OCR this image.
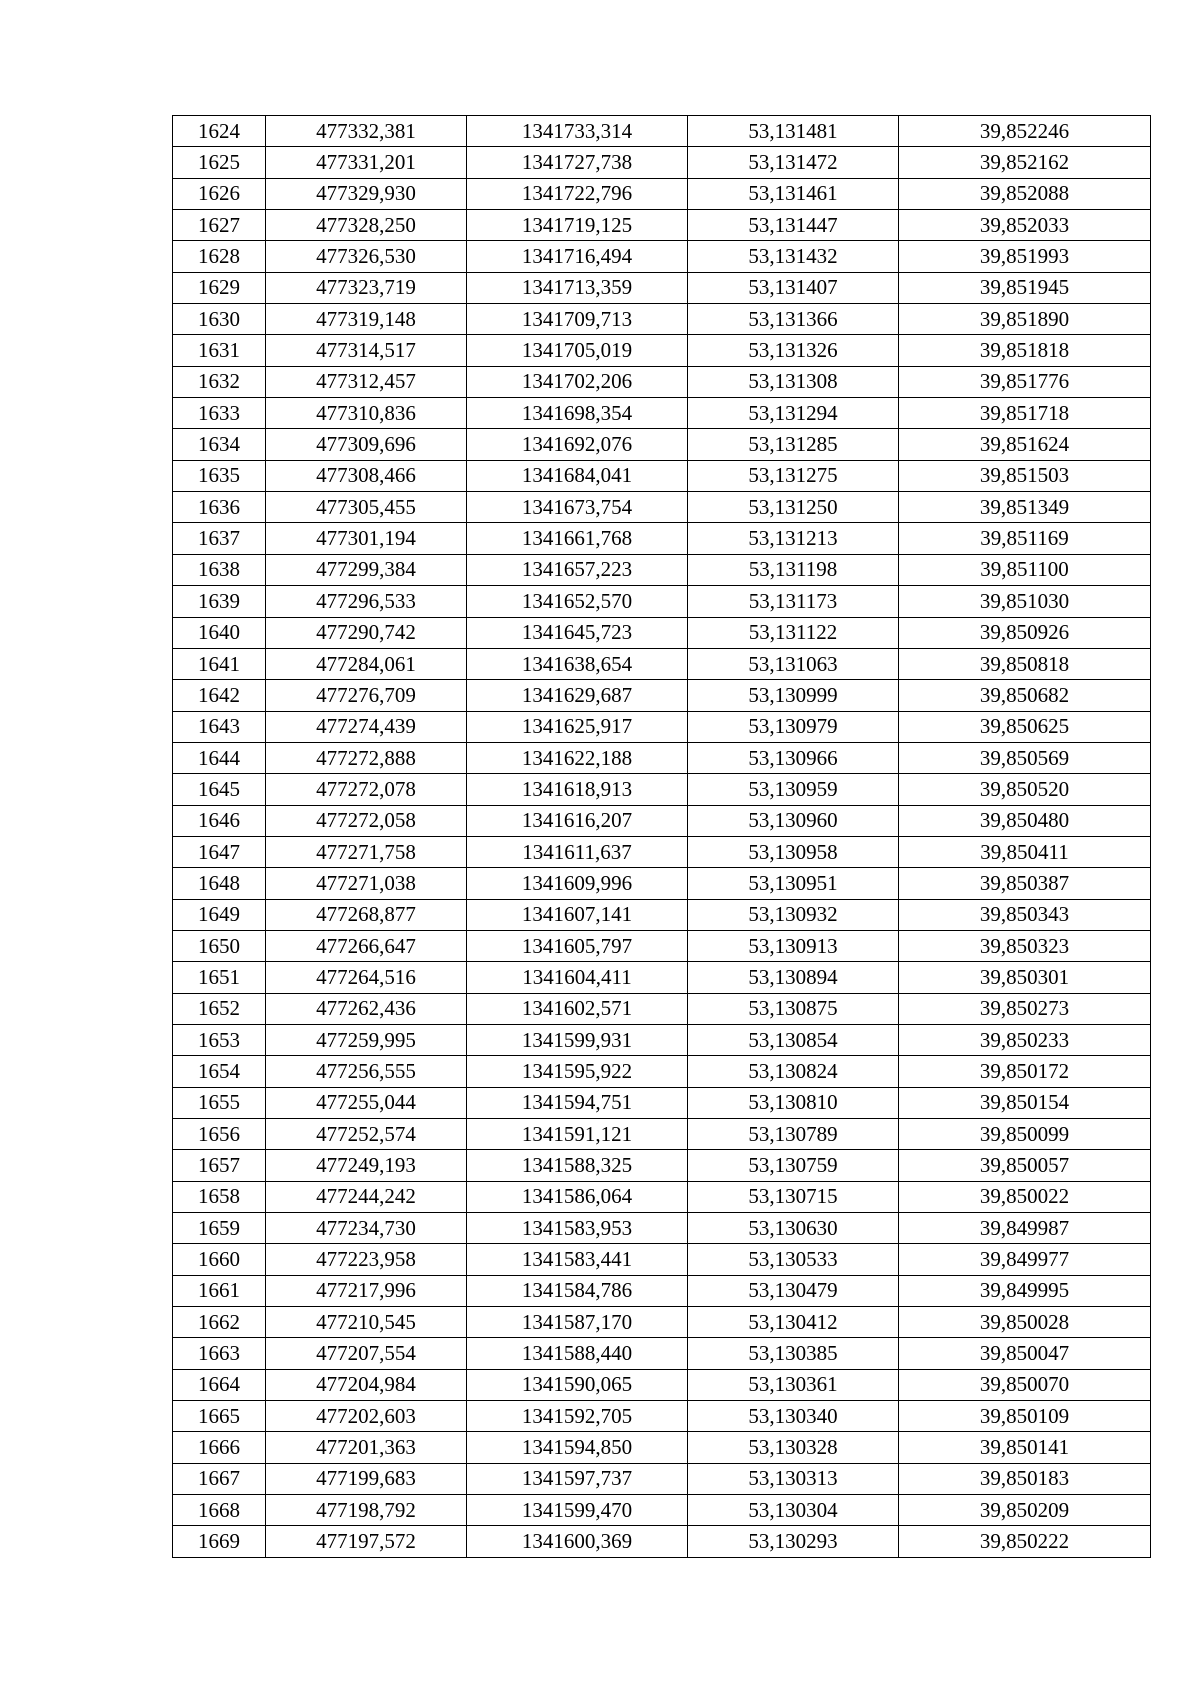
1624	477332,381	1341733,314	53,131481	39,852246
1625	477331,201	1341727,738	53,131472	39,852162
1626	477329,930	1341722,796	53,131461	39,852088
1627	477328,250	1341719,125	53,131447	39,852033
1628	477326,530	1341716,494	53,131432	39,851993
1629	477323,719	1341713,359	53,131407	39,851945
1630	477319,148	1341709,713	53,131366	39,851890
1631	477314,517	1341705,019	53,131326	39,851818
1632	477312,457	1341702,206	53,131308	39,851776
1633	477310,836	1341698,354	53,131294	39,851718
1634	477309,696	1341692,076	53,131285	39,851624
1635	477308,466	1341684,041	53,131275	39,851503
1636	477305,455	1341673,754	53,131250	39,851349
1637	477301,194	1341661,768	53,131213	39,851169
1638	477299,384	1341657,223	53,131198	39,851100
1639	477296,533	1341652,570	53,131173	39,851030
1640	477290,742	1341645,723	53,131122	39,850926
1641	477284,061	1341638,654	53,131063	39,850818
1642	477276,709	1341629,687	53,130999	39,850682
1643	477274,439	1341625,917	53,130979	39,850625
1644	477272,888	1341622,188	53,130966	39,850569
1645	477272,078	1341618,913	53,130959	39,850520
1646	477272,058	1341616,207	53,130960	39,850480
1647	477271,758	1341611,637	53,130958	39,850411
1648	477271,038	1341609,996	53,130951	39,850387
1649	477268,877	1341607,141	53,130932	39,850343
1650	477266,647	1341605,797	53,130913	39,850323
1651	477264,516	1341604,411	53,130894	39,850301
1652	477262,436	1341602,571	53,130875	39,850273
1653	477259,995	1341599,931	53,130854	39,850233
1654	477256,555	1341595,922	53,130824	39,850172
1655	477255,044	1341594,751	53,130810	39,850154
1656	477252,574	1341591,121	53,130789	39,850099
1657	477249,193	1341588,325	53,130759	39,850057
1658	477244,242	1341586,064	53,130715	39,850022
1659	477234,730	1341583,953	53,130630	39,849987
1660	477223,958	1341583,441	53,130533	39,849977
1661	477217,996	1341584,786	53,130479	39,849995
1662	477210,545	1341587,170	53,130412	39,850028
1663	477207,554	1341588,440	53,130385	39,850047
1664	477204,984	1341590,065	53,130361	39,850070
1665	477202,603	1341592,705	53,130340	39,850109
1666	477201,363	1341594,850	53,130328	39,850141
1667	477199,683	1341597,737	53,130313	39,850183
1668	477198,792	1341599,470	53,130304	39,850209
1669	477197,572	1341600,369	53,130293	39,850222
